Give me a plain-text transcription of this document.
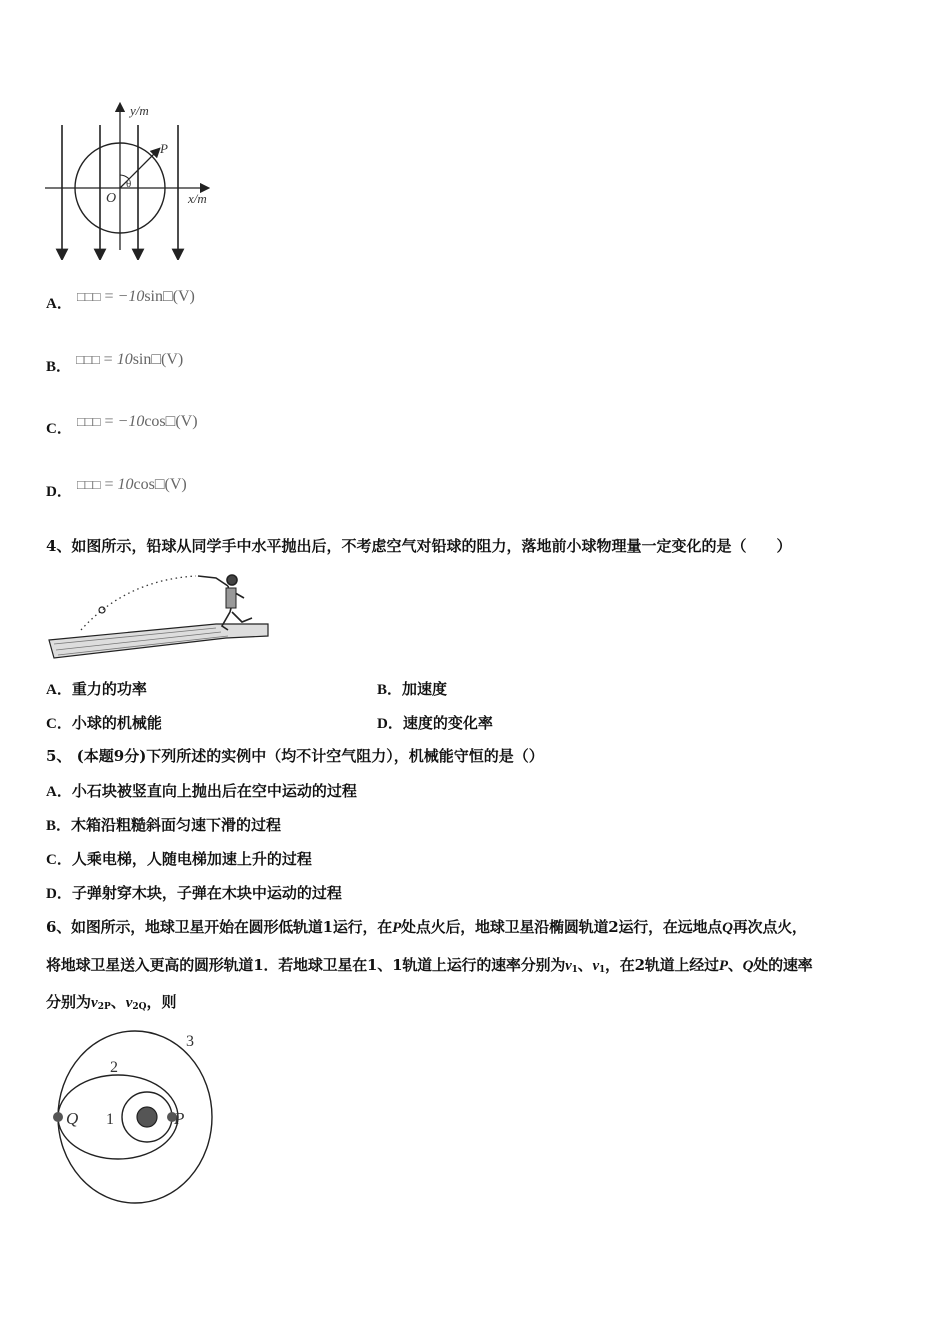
y/m
x/m
O
P
θ
A． □□□ = −10sin□(V)
B． □□□ = 10sin□(V)
C． □□□ = −10cos□(V)
D． □□□ = 10cos□(V)
4、如图所示，铅球从同学手中水平抛出后，不考虑空气对铅球的阻力，落地前小球物理量一定变化的是（　　）
A．重力的功率	B．加速度
C．小球的机械能	D．速度的变化率
5、 (本题9分)下列所述的实例中（均不计空气阻力），机械能守恒的是（）
A．小石块被竖直向上抛出后在空中运动的过程
B．木箱沿粗糙斜面匀速下滑的过程
C．人乘电梯，人随电梯加速上升的过程
D．子弹射穿木块，子弹在木块中运动的过程
6、如图所示，地球卫星开始在圆形低轨道1运行，在P处点火后，地球卫星沿椭圆轨道2运行，在远地点Q再次点火，
将地球卫星送入更高的圆形轨道1．若地球卫星在1、1轨道上运行的速率分别为$v_1$、$v_1$，在2轨道上经过P、Q处的速率
分别为$v_{2P}$、$v_{2Q}$，则
2
3
1
Q	P
